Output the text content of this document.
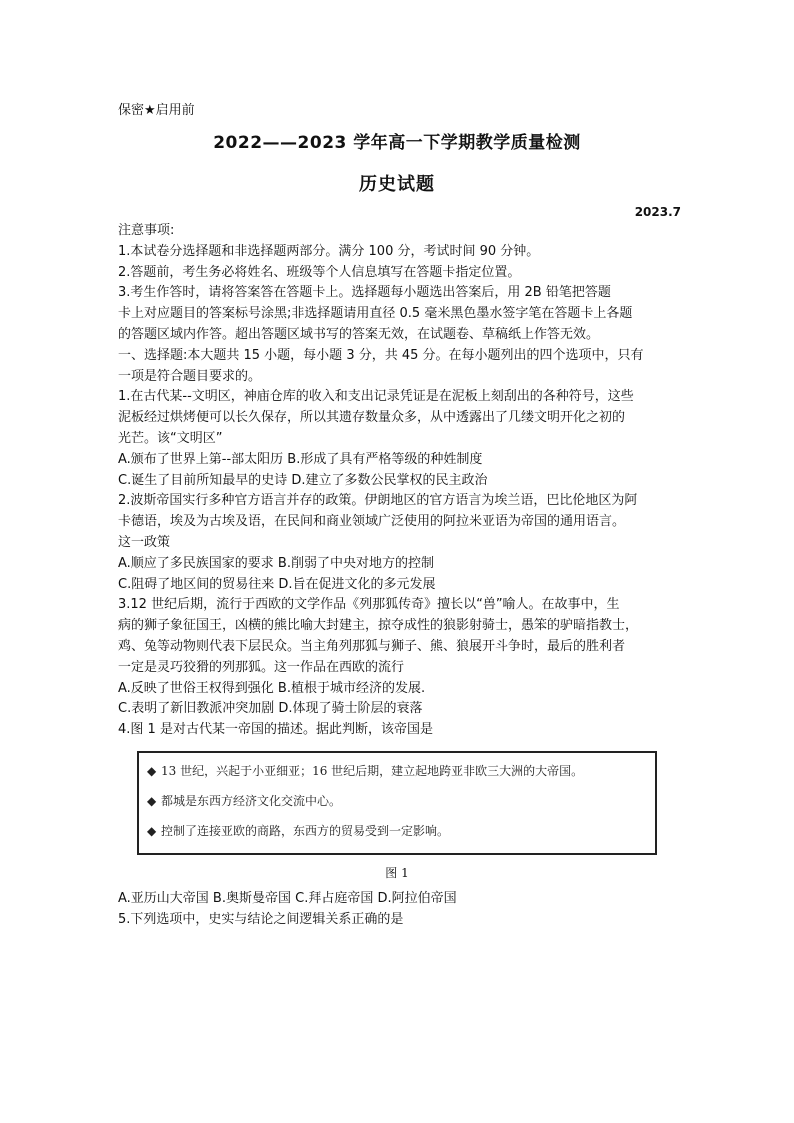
保密★启用前
2022——2023 学年高一下学期教学质量检测
历史试题
2023.7
注意事项:
1.本试卷分选择题和非选择题两部分。满分 100 分，考试时间 90 分钟。
2.答题前，考生务必将姓名、班级等个人信息填写在答题卡指定位置。
3.考生作答时，请将答案答在答题卡上。选择题每小题选出答案后，用 2B 铅笔把答题
卡上对应题目的答案标号涂黑;非选择题请用直径 0.5 毫米黑色墨水签字笔在答题卡上各题
的答题区域内作答。超出答题区域书写的答案无效，在试题卷、草稿纸上作答无效。
一、选择题:本大题共 15 小题，每小题 3 分，共 45 分。在每小题列出的四个选项中，只有
一项是符合题目要求的。
1.在古代某--文明区，神庙仓库的收入和支出记录凭证是在泥板上刻刮出的各种符号，这些
泥板经过烘烤便可以长久保存，所以其遗存数量众多，从中透露出了几缕文明开化之初的
光芒。该“文明区”
A.颁布了世界上第--部太阳历 B.形成了具有严格等级的种姓制度
C.诞生了目前所知最早的史诗 D.建立了多数公民掌权的民主政治
2.波斯帝国实行多种官方语言并存的政策。伊朗地区的官方语言为埃兰语，巴比伦地区为阿
卡德语，埃及为古埃及语，在民间和商业领域广泛使用的阿拉米亚语为帝国的通用语言。
这一政策
A.顺应了多民族国家的要求 B.削弱了中央对地方的控制
C.阻碍了地区间的贸易往来 D.旨在促进文化的多元发展
3.12 世纪后期，流行于西欧的文学作品《列那狐传奇》擅长以“兽”喻人。在故事中，生
病的狮子象征国王，凶横的熊比喻大封建主，掠夺成性的狼影射骑士，愚笨的驴暗指教士，
鸡、兔等动物则代表下层民众。当主角列那狐与狮子、熊、狼展开斗争时，最后的胜利者
一定是灵巧狡猾的列那狐。这一作品在西欧的流行
A.反映了世俗王权得到强化 B.植根于城市经济的发展.
C.表明了新旧教派冲突加剧 D.体现了骑士阶层的衰落
4.图 1 是对古代某一帝国的描述。据此判断，该帝国是
◆ 13 世纪，兴起于小亚细亚；16 世纪后期，建立起地跨亚非欧三大洲的大帝国。
◆ 都城是东西方经济文化交流中心。
◆ 控制了连接亚欧的商路，东西方的贸易受到一定影响。
图 1
A.亚历山大帝国 B.奥斯曼帝国 C.拜占庭帝国 D.阿拉伯帝国
5.下列选项中，史实与结论之间逻辑关系正确的是
